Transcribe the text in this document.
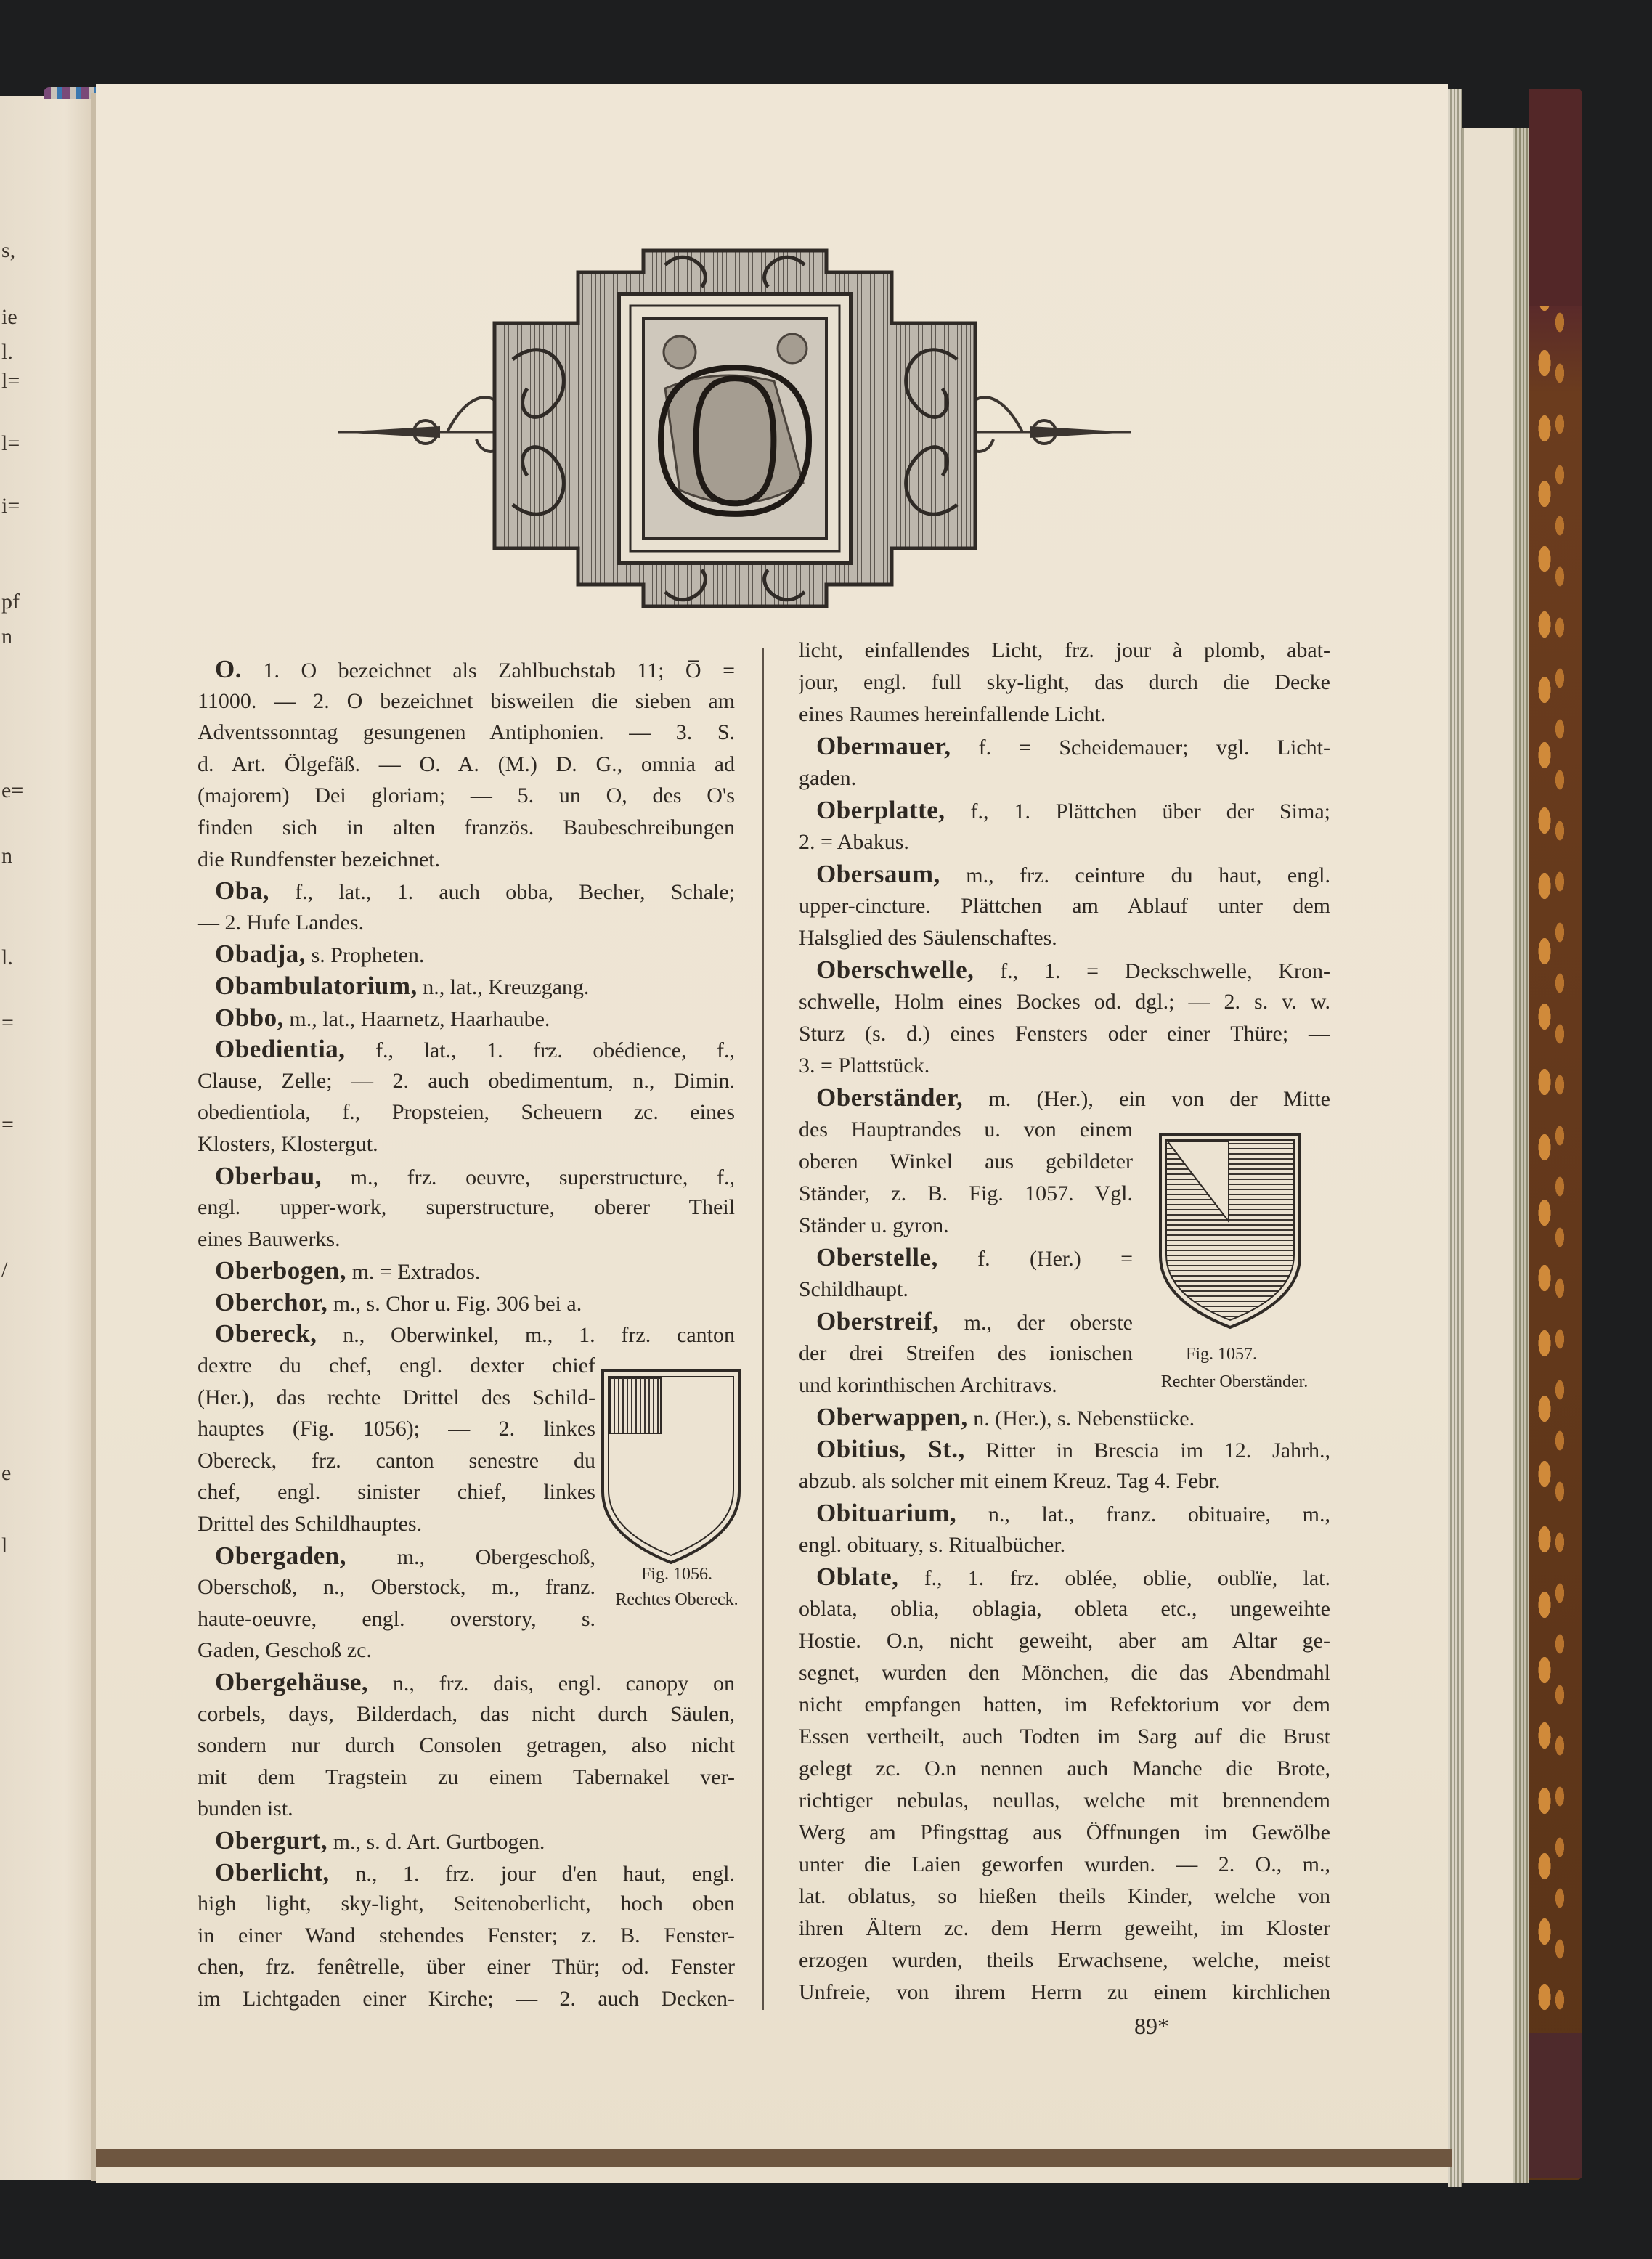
s,
ie
l.
l=
l=
i=
pf
n
e=
n
l.
=
=
/
e
l
O
O. 1. O bezeichnet als Zahlbuchstab 11; O̅ =
11000. — 2. O bezeichnet bisweilen die sieben am
Adventssonntag gesungenen Antiphonien. — 3. S.
d. Art. Ölgefäß. — O. A. (M.) D. G., omnia ad
(majorem) Dei gloriam; — 5. un O, des O's
finden sich in alten französ. Baubeschreibungen
die Rundfenster bezeichnet.
Oba, f., lat., 1. auch obba, Becher, Schale;
— 2. Hufe Landes.
Obadja, s. Propheten.
Obambulatorium, n., lat., Kreuzgang.
Obbo, m., lat., Haarnetz, Haarhaube.
Obedientia, f., lat., 1. frz. obédience, f.,
Clause, Zelle; — 2. auch obedimentum, n., Dimin.
obedientiola, f., Propsteien, Scheuern zc. eines
Klosters, Klostergut.
Oberbau, m., frz. oeuvre, superstructure, f.,
engl. upper-work, superstructure, oberer Theil
eines Bauwerks.
Oberbogen, m. = Extrados.
Oberchor, m., s. Chor u. Fig. 306 bei a.
Obereck, n., Oberwinkel, m., 1. frz. canton
dextre du chef, engl. dexter chief
(Her.), das rechte Drittel des Schild-
hauptes (Fig. 1056); — 2. linkes
Obereck, frz. canton senestre du
chef, engl. sinister chief, linkes
Drittel des Schildhauptes.
Obergaden, m., Obergeschoß,
Oberschoß, n., Oberstock, m., franz.
haute-oeuvre, engl. overstory, s.
Gaden, Geschoß zc.
Obergehäuse, n., frz. dais, engl. canopy on
corbels, days, Bilderdach, das nicht durch Säulen,
sondern nur durch Consolen getragen, also nicht
mit dem Tragstein zu einem Tabernakel ver-
bunden ist.
Obergurt, m., s. d. Art. Gurtbogen.
Oberlicht, n., 1. frz. jour d'en haut, engl.
high light, sky-light, Seitenoberlicht, hoch oben
in einer Wand stehendes Fenster; z. B. Fenster-
chen, frz. fenêtrelle, über einer Thür; od. Fenster
im Lichtgaden einer Kirche; — 2. auch Decken-
licht, einfallendes Licht, frz. jour à plomb, abat-
jour, engl. full sky-light, das durch die Decke
eines Raumes hereinfallende Licht.
Obermauer, f. = Scheidemauer; vgl. Licht-
gaden.
Oberplatte, f., 1. Plättchen über der Sima;
2. = Abakus.
Obersaum, m., frz. ceinture du haut, engl.
upper-cincture. Plättchen am Ablauf unter dem
Halsglied des Säulenschaftes.
Oberschwelle, f., 1. = Deckschwelle, Kron-
schwelle, Holm eines Bockes od. dgl.; — 2. s. v. w.
Sturz (s. d.) eines Fensters oder einer Thüre; —
3. = Plattstück.
Oberständer, m. (Her.), ein von der Mitte
des Hauptrandes u. von einem
oberen Winkel aus gebildeter
Ständer, z. B. Fig. 1057. Vgl.
Ständer u. gyron.
Oberstelle, f. (Her.) =
Schildhaupt.
Oberstreif, m., der oberste
der drei Streifen des ionischen
und korinthischen Architravs.
Oberwappen, n. (Her.), s. Nebenstücke.
Obitius, St., Ritter in Brescia im 12. Jahrh.,
abzub. als solcher mit einem Kreuz. Tag 4. Febr.
Obituarium, n., lat., franz. obituaire, m.,
engl. obituary, s. Ritualbücher.
Oblate, f., 1. frz. oblée, oblie, oublïe, lat.
oblata, oblia, oblagia, obleta etc., ungeweihte
Hostie. O.n, nicht geweiht, aber am Altar ge-
segnet, wurden den Mönchen, die das Abendmahl
nicht empfangen hatten, im Refektorium vor dem
Essen vertheilt, auch Todten im Sarg auf die Brust
gelegt zc. O.n nennen auch Manche die Brote,
richtiger nebulas, neullas, welche mit brennendem
Werg am Pfingsttag aus Öffnungen im Gewölbe
unter die Laien geworfen wurden. — 2. O., m.,
lat. oblatus, so hießen theils Kinder, welche von
ihren Ältern zc. dem Herrn geweiht, im Kloster
erzogen wurden, theils Erwachsene, welche, meist
Unfreie, von ihrem Herrn zu einem kirchlichen
Fig. 1056.
Rechtes Obereck.
Fig. 1057.
Rechter Oberständer.
89*
